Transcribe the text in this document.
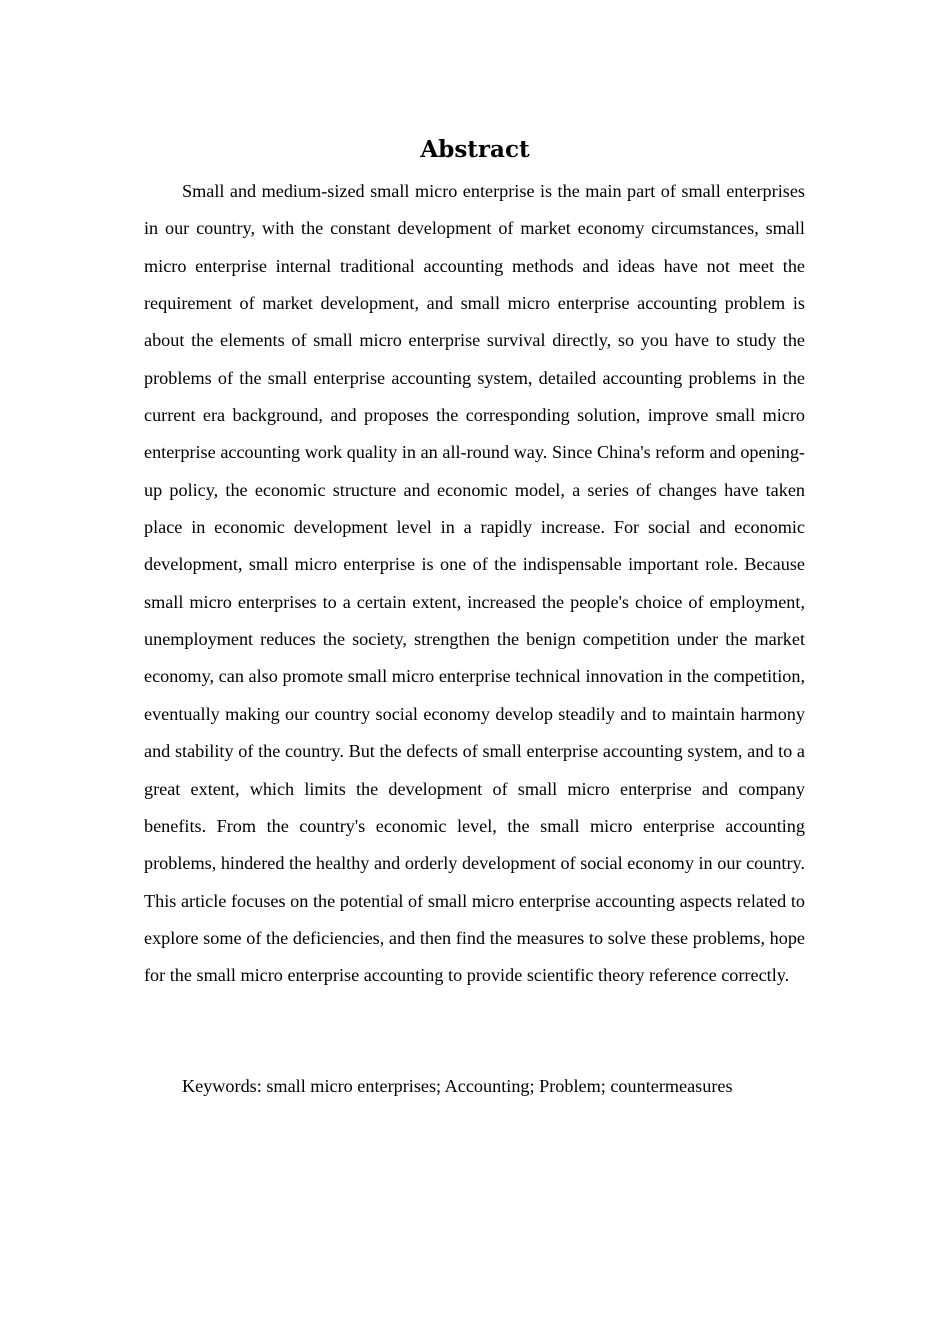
Abstract

Small and medium-sized small micro enterprise is the main part of small enterprises in our country, with the constant development of market economy circumstances, small micro enterprise internal traditional accounting methods and ideas have not meet the requirement of market development, and small micro enterprise accounting problem is about the elements of small micro enterprise survival directly, so you have to study the problems of the small enterprise accounting system, detailed accounting problems in the current era background, and proposes the corresponding solution, improve small micro enterprise accounting work quality in an all-round way. Since China's reform and opening-up policy, the economic structure and economic model, a series of changes have taken place in economic development level in a rapidly increase. For social and economic development, small micro enterprise is one of the indispensable important role. Because small micro enterprises to a certain extent, increased the people's choice of employment, unemployment reduces the society, strengthen the benign competition under the market economy, can also promote small micro enterprise technical innovation in the competition, eventually making our country social economy develop steadily and to maintain harmony and stability of the country. But the defects of small enterprise accounting system, and to a great extent, which limits the development of small micro enterprise and company benefits. From the country's economic level, the small micro enterprise accounting problems, hindered the healthy and orderly development of social economy in our country. This article focuses on the potential of small micro enterprise accounting aspects related to explore some of the deficiencies, and then find the measures to solve these problems, hope for the small micro enterprise accounting to provide scientific theory reference correctly.

Keywords: small micro enterprises; Accounting; Problem; countermeasures
